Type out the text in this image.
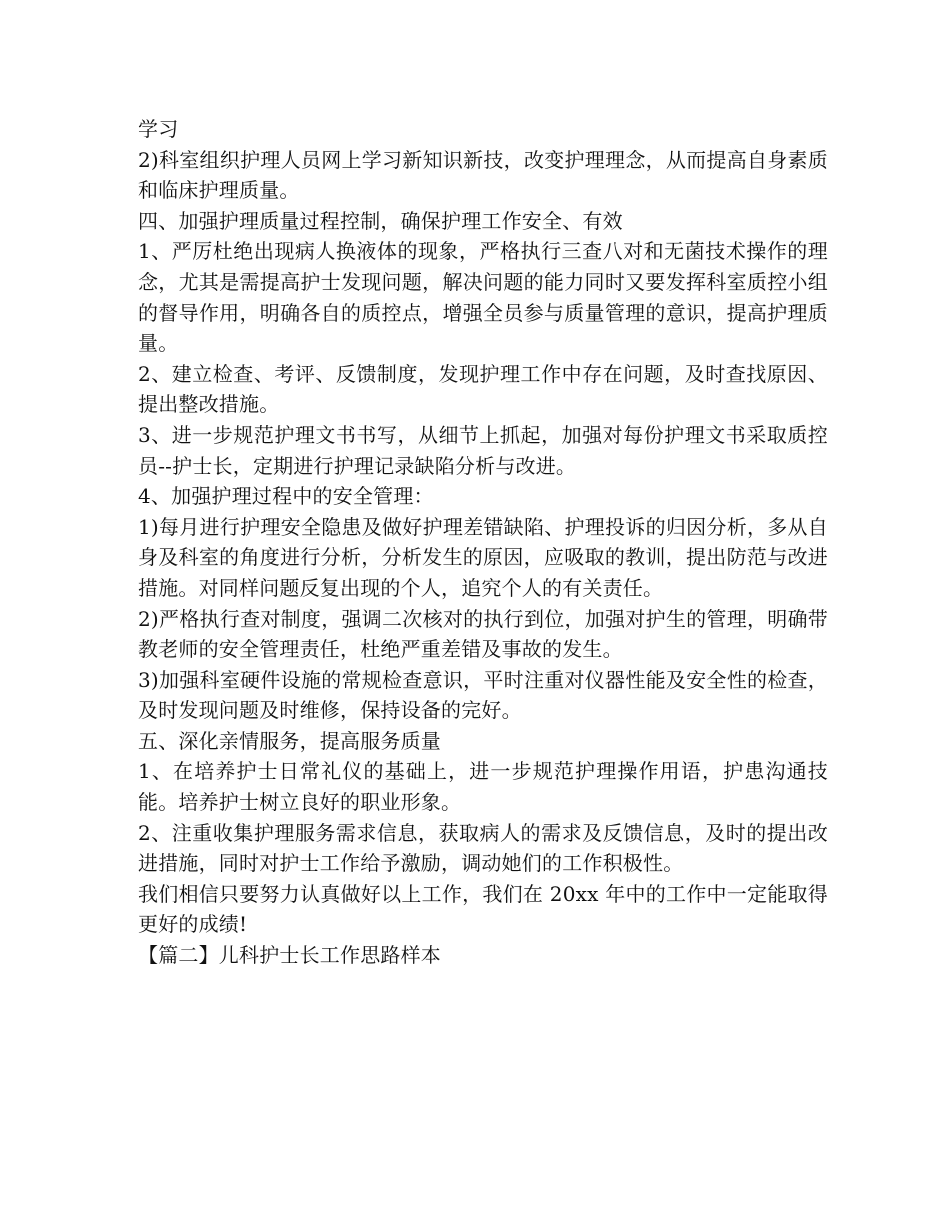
学习

2)科室组织护理人员网上学习新知识新技，改变护理理念，从而提高自身素质和临床护理质量。

四、加强护理质量过程控制，确保护理工作安全、有效

1、严厉杜绝出现病人换液体的现象，严格执行三查八对和无菌技术操作的理念，尤其是需提高护士发现问题，解决问题的能力同时又要发挥科室质控小组的督导作用，明确各自的质控点，增强全员参与质量管理的意识，提高护理质量。

2、建立检查、考评、反馈制度，发现护理工作中存在问题，及时查找原因、提出整改措施。

3、进一步规范护理文书书写，从细节上抓起，加强对每份护理文书采取质控员--护士长，定期进行护理记录缺陷分析与改进。

4、加强护理过程中的安全管理：

1)每月进行护理安全隐患及做好护理差错缺陷、护理投诉的归因分析，多从自身及科室的角度进行分析，分析发生的原因，应吸取的教训，提出防范与改进措施。对同样问题反复出现的个人，追究个人的有关责任。

2)严格执行查对制度，强调二次核对的执行到位，加强对护生的管理，明确带教老师的安全管理责任，杜绝严重差错及事故的发生。

3)加强科室硬件设施的常规检查意识，平时注重对仪器性能及安全性的检查，及时发现问题及时维修，保持设备的完好。

五、深化亲情服务，提高服务质量

1、在培养护士日常礼仪的基础上，进一步规范护理操作用语，护患沟通技能。培养护士树立良好的职业形象。

2、注重收集护理服务需求信息，获取病人的需求及反馈信息，及时的提出改进措施，同时对护士工作给予激励，调动她们的工作积极性。

我们相信只要努力认真做好以上工作，我们在 20xx 年中的工作中一定能取得更好的成绩!

【篇二】儿科护士长工作思路样本
